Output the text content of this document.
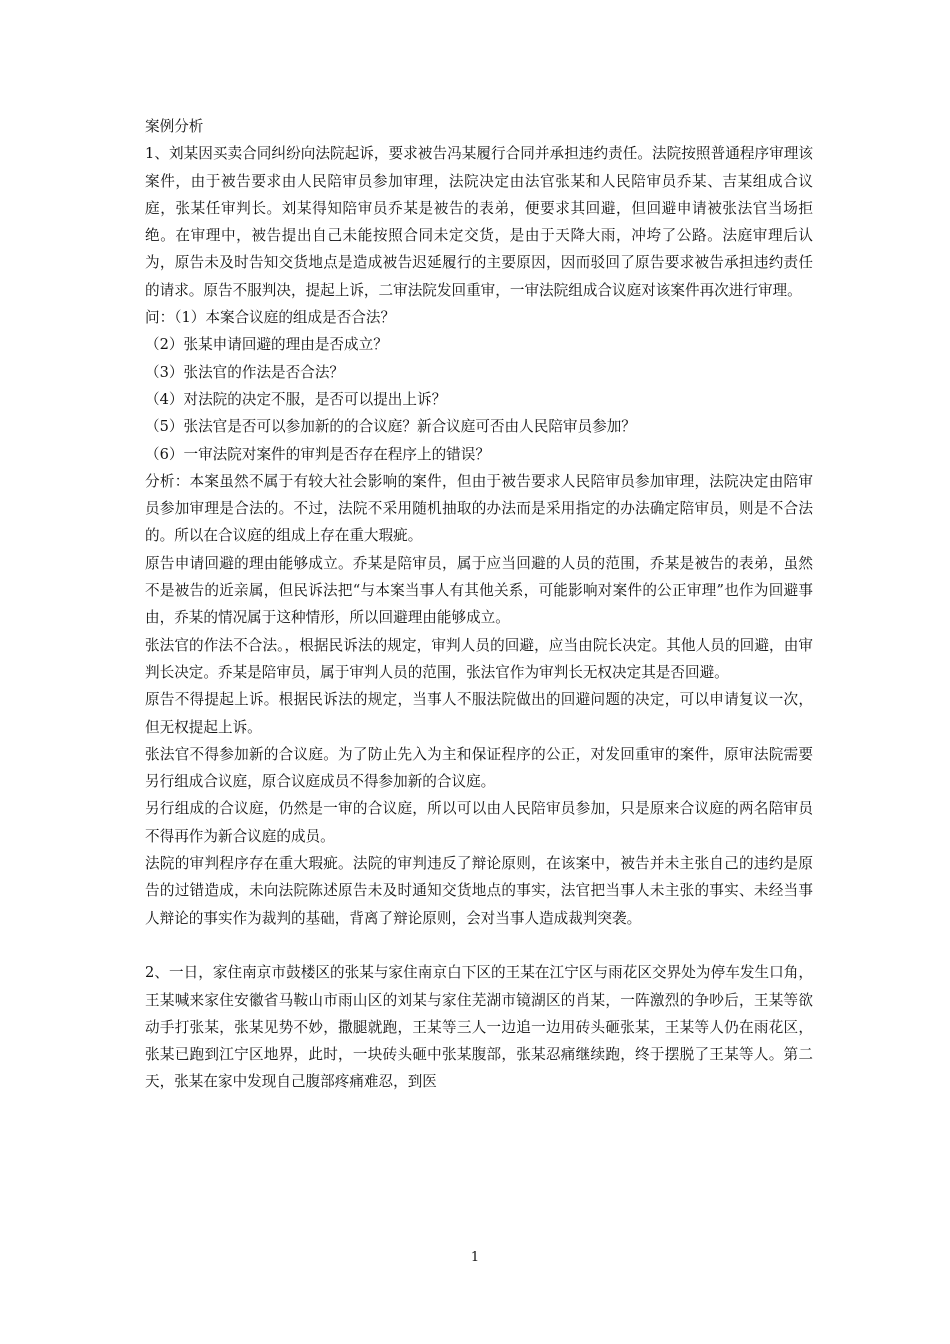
案例分析

1、刘某因买卖合同纠纷向法院起诉，要求被告冯某履行合同并承担违约责任。法院按照普通程序审理该案件，由于被告要求由人民陪审员参加审理，法院决定由法官张某和人民陪审员乔某、吉某组成合议庭，张某任审判长。刘某得知陪审员乔某是被告的表弟，便要求其回避，但回避申请被张法官当场拒绝。在审理中，被告提出自己未能按照合同未定交货，是由于天降大雨，冲垮了公路。法庭审理后认为，原告未及时告知交货地点是造成被告迟延履行的主要原因，因而驳回了原告要求被告承担违约责任的请求。原告不服判决，提起上诉，二审法院发回重审，一审法院组成合议庭对该案件再次进行审理。

问：（1）本案合议庭的组成是否合法？

（2）张某申请回避的理由是否成立？

（3）张法官的作法是否合法？

（4）对法院的决定不服，是否可以提出上诉？

（5）张法官是否可以参加新的的合议庭？新合议庭可否由人民陪审员参加？

（6）一审法院对案件的审判是否存在程序上的错误？

分析：本案虽然不属于有较大社会影响的案件，但由于被告要求人民陪审员参加审理，法院决定由陪审员参加审理是合法的。不过，法院不采用随机抽取的办法而是采用指定的办法确定陪审员，则是不合法的。所以在合议庭的组成上存在重大瑕疵。

原告申请回避的理由能够成立。乔某是陪审员，属于应当回避的人员的范围，乔某是被告的表弟，虽然不是被告的近亲属，但民诉法把“与本案当事人有其他关系，可能影响对案件的公正审理”也作为回避事由，乔某的情况属于这种情形，所以回避理由能够成立。

张法官的作法不合法。，根据民诉法的规定，审判人员的回避，应当由院长决定。其他人员的回避，由审判长决定。乔某是陪审员，属于审判人员的范围，张法官作为审判长无权决定其是否回避。

原告不得提起上诉。根据民诉法的规定，当事人不服法院做出的回避问题的决定，可以申请复议一次，但无权提起上诉。

张法官不得参加新的合议庭。为了防止先入为主和保证程序的公正，对发回重审的案件，原审法院需要另行组成合议庭，原合议庭成员不得参加新的合议庭。

另行组成的合议庭，仍然是一审的合议庭，所以可以由人民陪审员参加，只是原来合议庭的两名陪审员不得再作为新合议庭的成员。

法院的审判程序存在重大瑕疵。法院的审判违反了辩论原则，在该案中，被告并未主张自己的违约是原告的过错造成，未向法院陈述原告未及时通知交货地点的事实，法官把当事人未主张的事实、未经当事人辩论的事实作为裁判的基础，背离了辩论原则，会对当事人造成裁判突袭。

2、一日，家住南京市鼓楼区的张某与家住南京白下区的王某在江宁区与雨花区交界处为停车发生口角，王某喊来家住安徽省马鞍山市雨山区的刘某与家住芜湖市镜湖区的肖某，一阵激烈的争吵后，王某等欲动手打张某，张某见势不妙，撒腿就跑，王某等三人一边追一边用砖头砸张某，王某等人仍在雨花区，张某已跑到江宁区地界，此时，一块砖头砸中张某腹部，张某忍痛继续跑，终于摆脱了王某等人。第二天，张某在家中发现自己腹部疼痛难忍，到医

1
